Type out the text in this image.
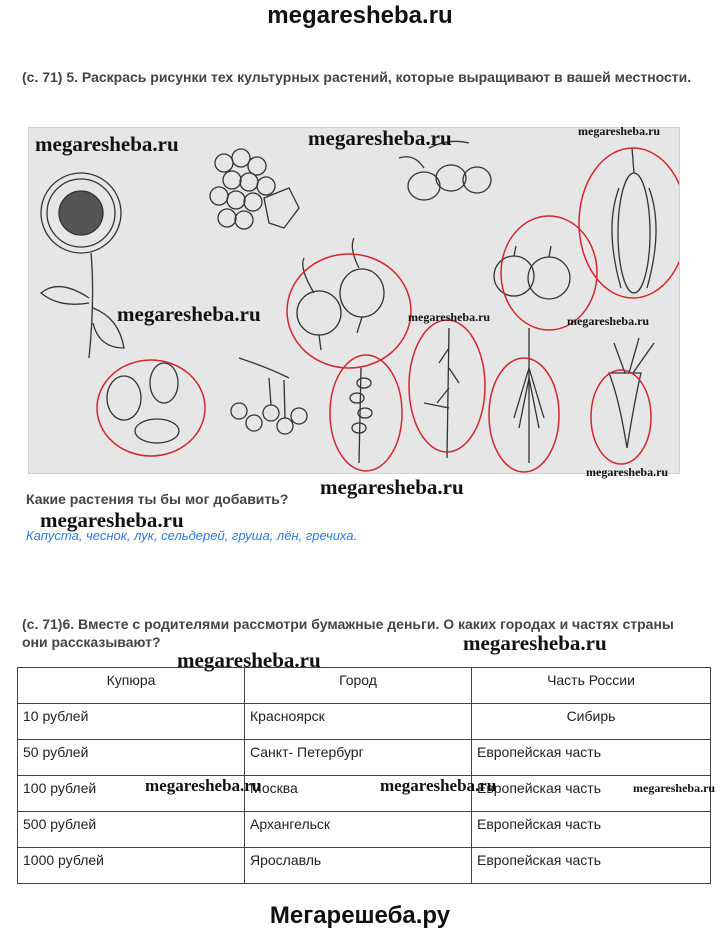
megaresheba.ru
(с. 71) 5. Раскрась рисунки тех культурных растений, которые выращивают в вашей местности.
megaresheba.ru	megaresheba.ru	megaresheba.ru
megaresheba.ru	megaresheba.ru	megaresheba.ru
megaresheba.ru
megaresheba.ru
megaresheba.ru
megaresheba.ru
megaresheba.ru
megaresheba.ru	megaresheba.ru	megaresheba.ru
Какие растения ты бы мог добавить?
Капуста, чеснок, лук, сельдерей, груша, лён, гречиха.
(с. 71)6. Вместе с родителями рассмотри бумажные деньги. О каких городах и частях страны они рассказывают?
Купюра	Город	Часть России
10 рублей	Красноярск	Сибирь
50 рублей	Санкт- Петербург	Европейская часть
100 рублей	Москва	Европейская часть
500 рублей	Архангельск	Европейская часть
1000 рублей	Ярославль	Европейская часть
Мегарешеба.ру
